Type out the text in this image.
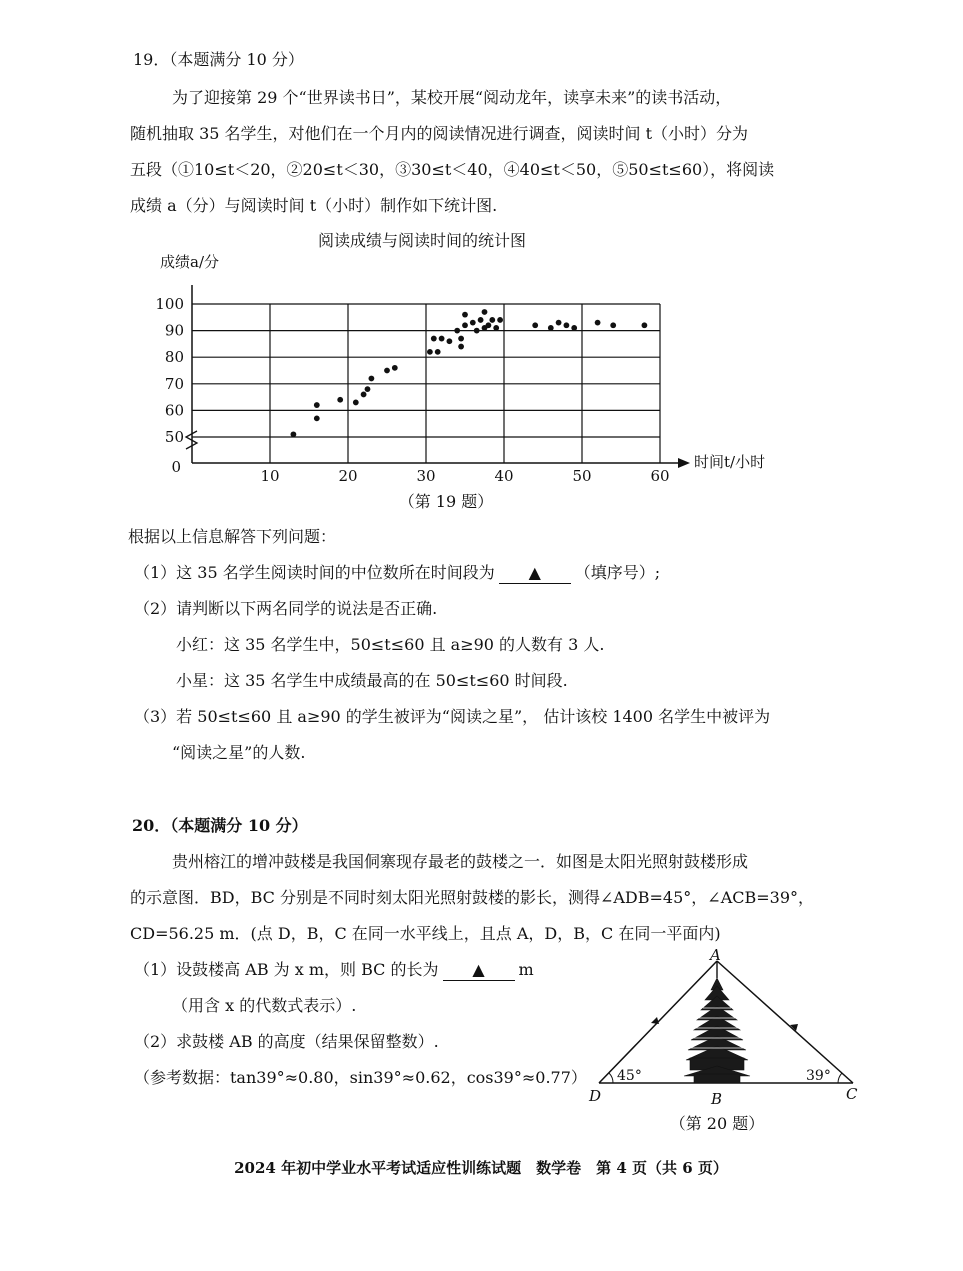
19．（本题满分 10 分）
为了迎接第 29 个“世界读书日”，某校开展“阅动龙年，读享未来”的读书活动，
随机抽取 35 名学生，对他们在一个月内的阅读情况进行调查，阅读时间 t（小时）分为
五段（①10≤t＜20，②20≤t＜30，③30≤t＜40，④40≤t＜50，⑤50≤t≤60），将阅读
成绩 a（分）与阅读时间 t（小时）制作如下统计图.
阅读成绩与阅读时间的统计图
成绩a/分
时间t/小时
0
50
60
70
80
90
100
10	20	30	40	50	60
（第 19 题）
根据以上信息解答下列问题：
（1）这 35 名学生阅读时间的中位数所在时间段为 ▲ （填序号）;
（2）请判断以下两名同学的说法是否正确.
小红：这 35 名学生中，50≤t≤60 且 a≥90 的人数有 3 人.
小星：这 35 名学生中成绩最高的在 50≤t≤60 时间段.
（3）若 50≤t≤60 且 a≥90 的学生被评为“阅读之星”， 估计该校 1400 名学生中被评为
“阅读之星”的人数.
20．（本题满分 10 分）
贵州榕江的增冲鼓楼是我国侗寨现存最老的鼓楼之一．如图是太阳光照射鼓楼形成
的示意图．BD，BC 分别是不同时刻太阳光照射鼓楼的影长，测得∠ADB=45°，∠ACB=39°，
CD=56.25 m．(点 D，B，C 在同一水平线上，且点 A，D，B，C 在同一平面内)
（1）设鼓楼高 AB 为 x m，则 BC 的长为 ▲ m
（用含 x 的代数式表示）.
（2）求鼓楼 AB 的高度（结果保留整数）.
（参考数据：tan39°≈0.80，sin39°≈0.62，cos39°≈0.77）
A
D	B	C
45°	39°
（第 20 题）
2024 年初中学业水平考试适应性训练试题　数学卷　第 4 页（共 6 页）
